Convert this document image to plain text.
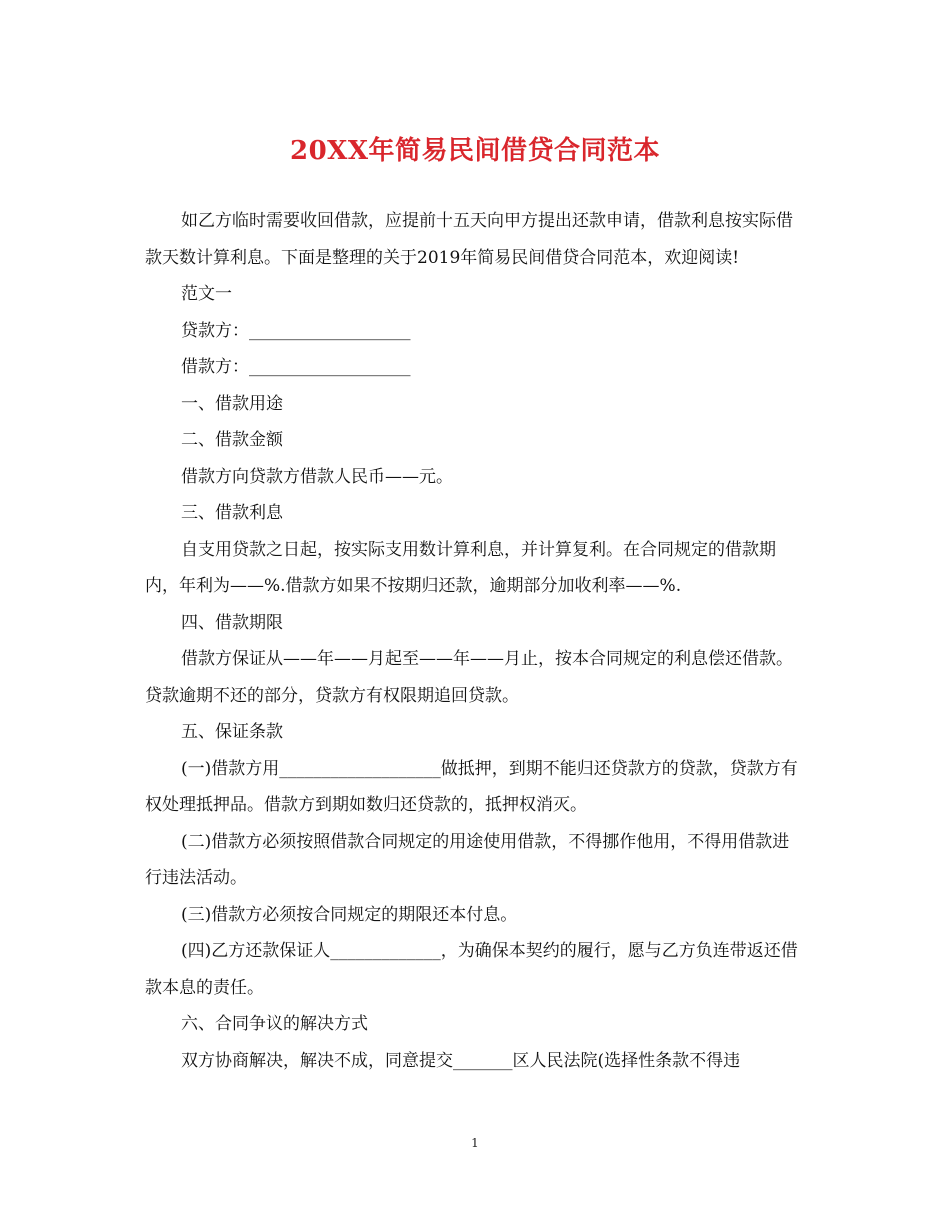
20XX年简易民间借贷合同范本

如乙方临时需要收回借款，应提前十五天向甲方提出还款申请，借款利息按实际借款天数计算利息。下面是整理的关于2019年简易民间借贷合同范本，欢迎阅读!

范文一

贷款方：___________________

借款方：___________________

一、借款用途

二、借款金额

借款方向贷款方借款人民币——元。

三、借款利息

自支用贷款之日起，按实际支用数计算利息，并计算复利。在合同规定的借款期内，年利为——%.借款方如果不按期归还款，逾期部分加收利率——%.

四、借款期限

借款方保证从——年——月起至——年——月止，按本合同规定的利息偿还借款。贷款逾期不还的部分，贷款方有权限期追回贷款。

五、保证条款

(一)借款方用___________________做抵押，到期不能归还贷款方的贷款，贷款方有权处理抵押品。借款方到期如数归还贷款的，抵押权消灭。

(二)借款方必须按照借款合同规定的用途使用借款，不得挪作他用，不得用借款进行违法活动。

(三)借款方必须按合同规定的期限还本付息。

(四)乙方还款保证人_____________，为确保本契约的履行，愿与乙方负连带返还借款本息的责任。

六、合同争议的解决方式

双方协商解决，解决不成，同意提交_______区人民法院(选择性条款不得违

1
